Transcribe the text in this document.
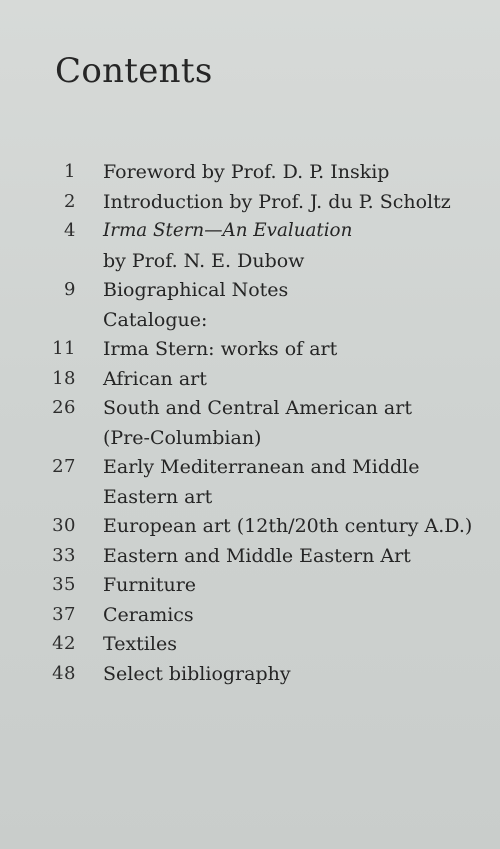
Contents
1 Foreword by Prof. D. P. Inskip
2 Introduction by Prof. J. du P. Scholtz
4 Irma Stern—An Evaluation
by Prof. N. E. Dubow
9 Biographical Notes
Catalogue:
11 Irma Stern: works of art
18 African art
26 South and Central American art
(Pre-Columbian)
27 Early Mediterranean and Middle
Eastern art
30 European art (12th/20th century A.D.)
33 Eastern and Middle Eastern Art
35 Furniture
37 Ceramics
42 Textiles
48 Select bibliography
